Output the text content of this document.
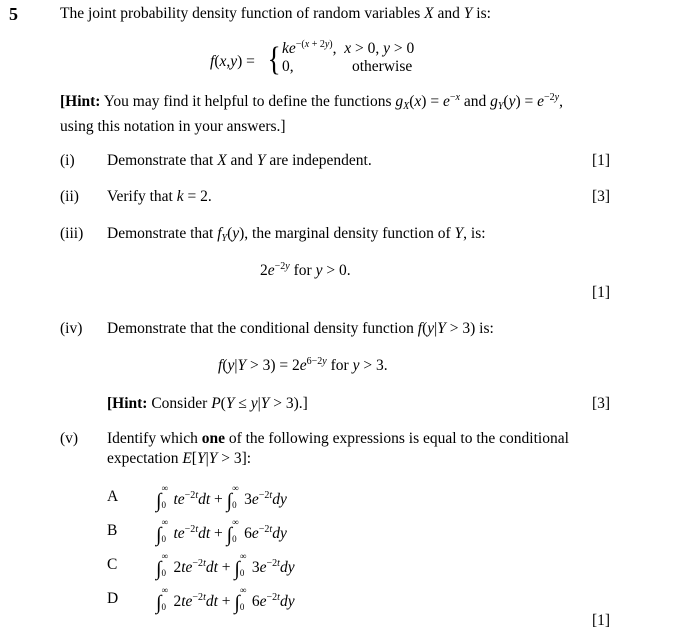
5	The joint probability density function of random variables X and Y is:
f(x,y) = { $ke^{-(x + 2y)}$,  x > 0, y > 0
0,	otherwise
[Hint: You may find it helpful to define the functions $g_X(x) = e^{-x}$ and $g_Y(y) = e^{-2y}$,
using this notation in your answers.]
(i) Demonstrate that X and Y are independent.	[1]
(ii) Verify that k = 2.	[3]
(iii) Demonstrate that $f_Y(y)$, the marginal density function of Y, is:
$2e^{-2y}$ for y > 0.
[1]
(iv) Demonstrate that the conditional density function f(y|Y > 3) is:
$f(y|Y > 3) = 2e^{6-2y}$ for y > 3.
[Hint: Consider P(Y ≤ y|Y > 3).]	[3]
(v) Identify which one of the following expressions is equal to the conditional
expectation E[Y|Y > 3]:
A ∫
∞
0 $te^{-2t}dt$ + ∫
∞
0 $3e^{-2t}dy$
B ∫
∞
0 $te^{-2t}dt$ + ∫
∞
0 $6e^{-2t}dy$
C ∫
∞
0 $2te^{-2t}dt$ + ∫
∞
0 $3e^{-2t}dy$
D ∫
∞
0 $2te^{-2t}dt$ + ∫
∞
0 $6e^{-2t}dy$
[1]
